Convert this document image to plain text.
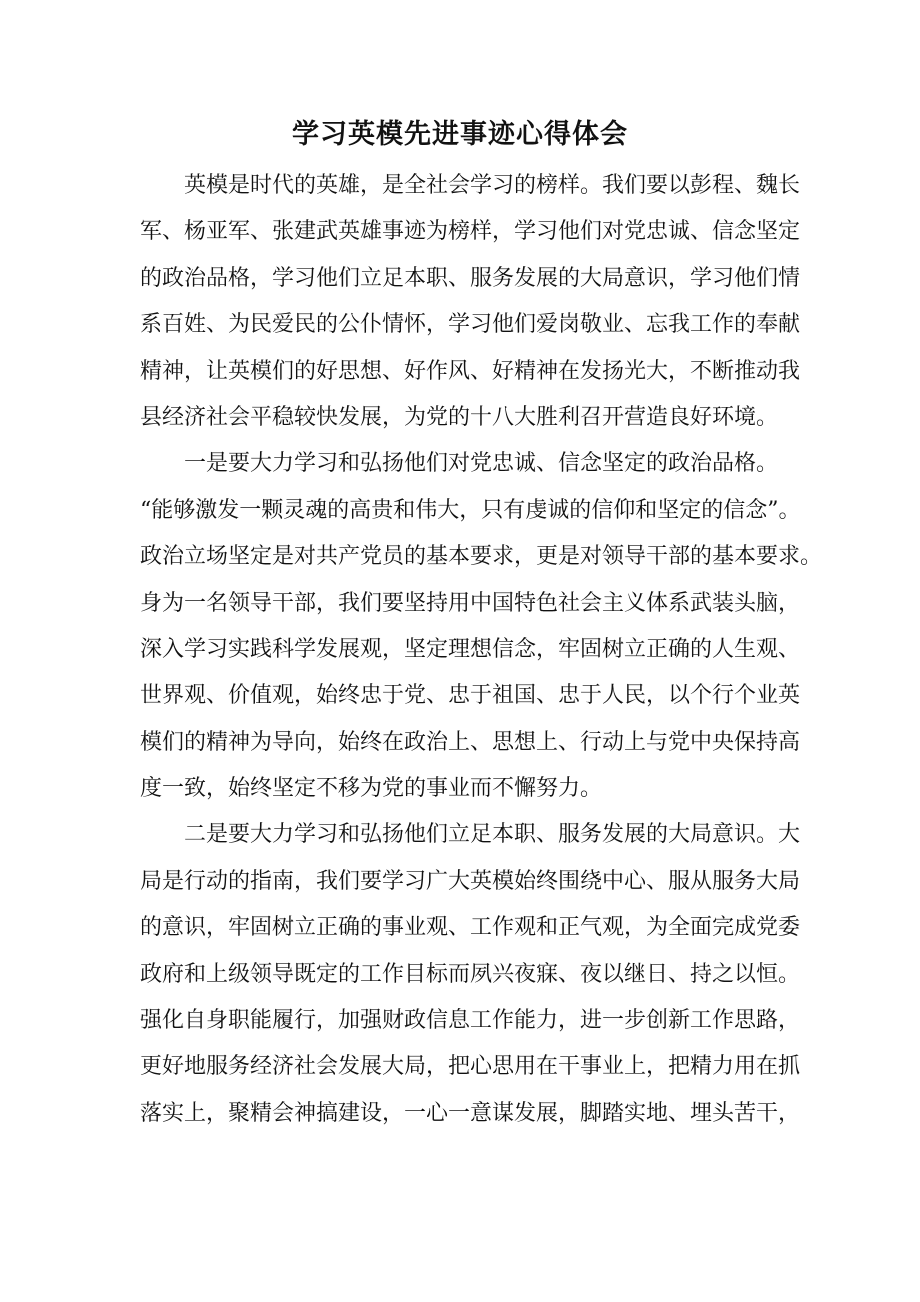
学习英模先进事迹心得体会
英模是时代的英雄，是全社会学习的榜样。我们要以彭程、魏长
军、杨亚军、张建武英雄事迹为榜样，学习他们对党忠诚、信念坚定
的政治品格，学习他们立足本职、服务发展的大局意识，学习他们情
系百姓、为民爱民的公仆情怀，学习他们爱岗敬业、忘我工作的奉献
精神，让英模们的好思想、好作风、好精神在发扬光大，不断推动我
县经济社会平稳较快发展，为党的十八大胜利召开营造良好环境。
一是要大力学习和弘扬他们对党忠诚、信念坚定的政治品格。
“能够激发一颗灵魂的高贵和伟大，只有虔诚的信仰和坚定的信念”。
政治立场坚定是对共产党员的基本要求，更是对领导干部的基本要求。
身为一名领导干部，我们要坚持用中国特色社会主义体系武装头脑，
深入学习实践科学发展观，坚定理想信念，牢固树立正确的人生观、
世界观、价值观，始终忠于党、忠于祖国、忠于人民，以个行个业英
模们的精神为导向，始终在政治上、思想上、行动上与党中央保持高
度一致，始终坚定不移为党的事业而不懈努力。
二是要大力学习和弘扬他们立足本职、服务发展的大局意识。大
局是行动的指南，我们要学习广大英模始终围绕中心、服从服务大局
的意识，牢固树立正确的事业观、工作观和正气观，为全面完成党委
政府和上级领导既定的工作目标而夙兴夜寐、夜以继日、持之以恒。
强化自身职能履行，加强财政信息工作能力，进一步创新工作思路，
更好地服务经济社会发展大局，把心思用在干事业上，把精力用在抓
落实上，聚精会神搞建设，一心一意谋发展，脚踏实地、埋头苦干，
